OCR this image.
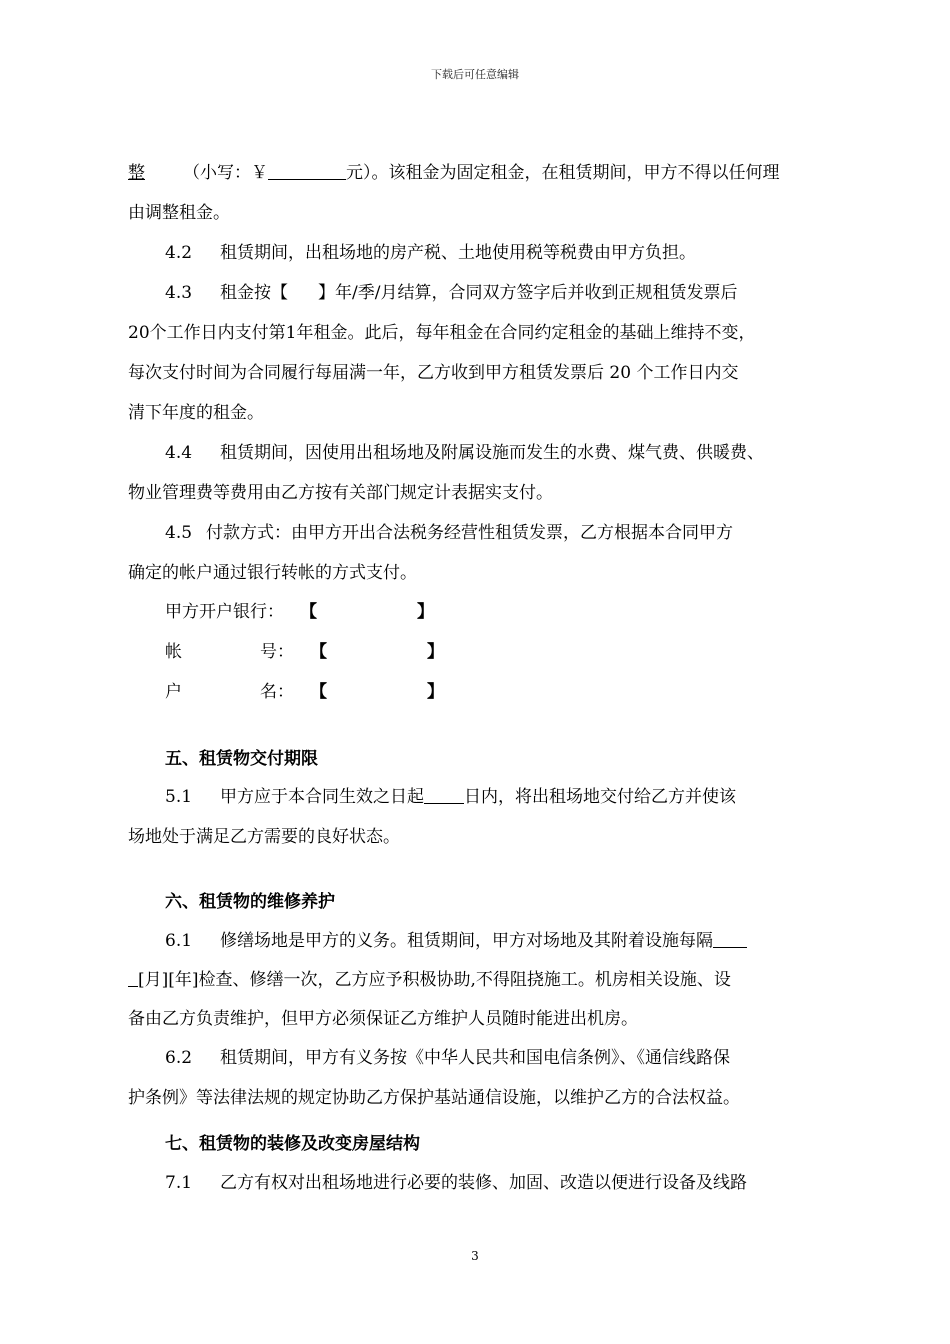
下载后可任意编辑
整 （小写：￥	元）。该租金为固定租金，在租赁期间，甲方不得以任何理
由调整租金。
4.2 租赁期间，出租场地的房产税、土地使用税等税费由甲方负担。
4.3 租金按【 】年/季/月结算，合同双方签字后并收到正规租赁发票后
20个工作日内支付第1年租金。此后，每年租金在合同约定租金的基础上维持不变，
每次支付时间为合同履行每届满一年，乙方收到甲方租赁发票后 20 个工作日内交
清下年度的租金。
4.4 租赁期间，因使用出租场地及附属设施而发生的水费、煤气费、供暖费、
物业管理费等费用由乙方按有关部门规定计表据实支付。
4.5 付款方式：由甲方开出合法税务经营性租赁发票，乙方根据本合同甲方
确定的帐户通过银行转帐的方式支付。
甲方开户银行： 【	】
帐	号： 【	】
户	名： 【	】
五、租赁物交付期限
5.1 甲方应于本合同生效之日起 日内，将出租场地交付给乙方并使该
场地处于满足乙方需要的良好状态。
六、租赁物的维修养护
6.1 修缮场地是甲方的义务。租赁期间，甲方对场地及其附着设施每隔
[月][年]检查、修缮一次，乙方应予积极协助,不得阻挠施工。机房相关设施、设
备由乙方负责维护，但甲方必须保证乙方维护人员随时能进出机房。
6.2 租赁期间，甲方有义务按《中华人民共和国电信条例》、《通信线路保
护条例》等法律法规的规定协助乙方保护基站通信设施，以维护乙方的合法权益。
七、租赁物的装修及改变房屋结构
7.1 乙方有权对出租场地进行必要的装修、加固、改造以便进行设备及线路
3
